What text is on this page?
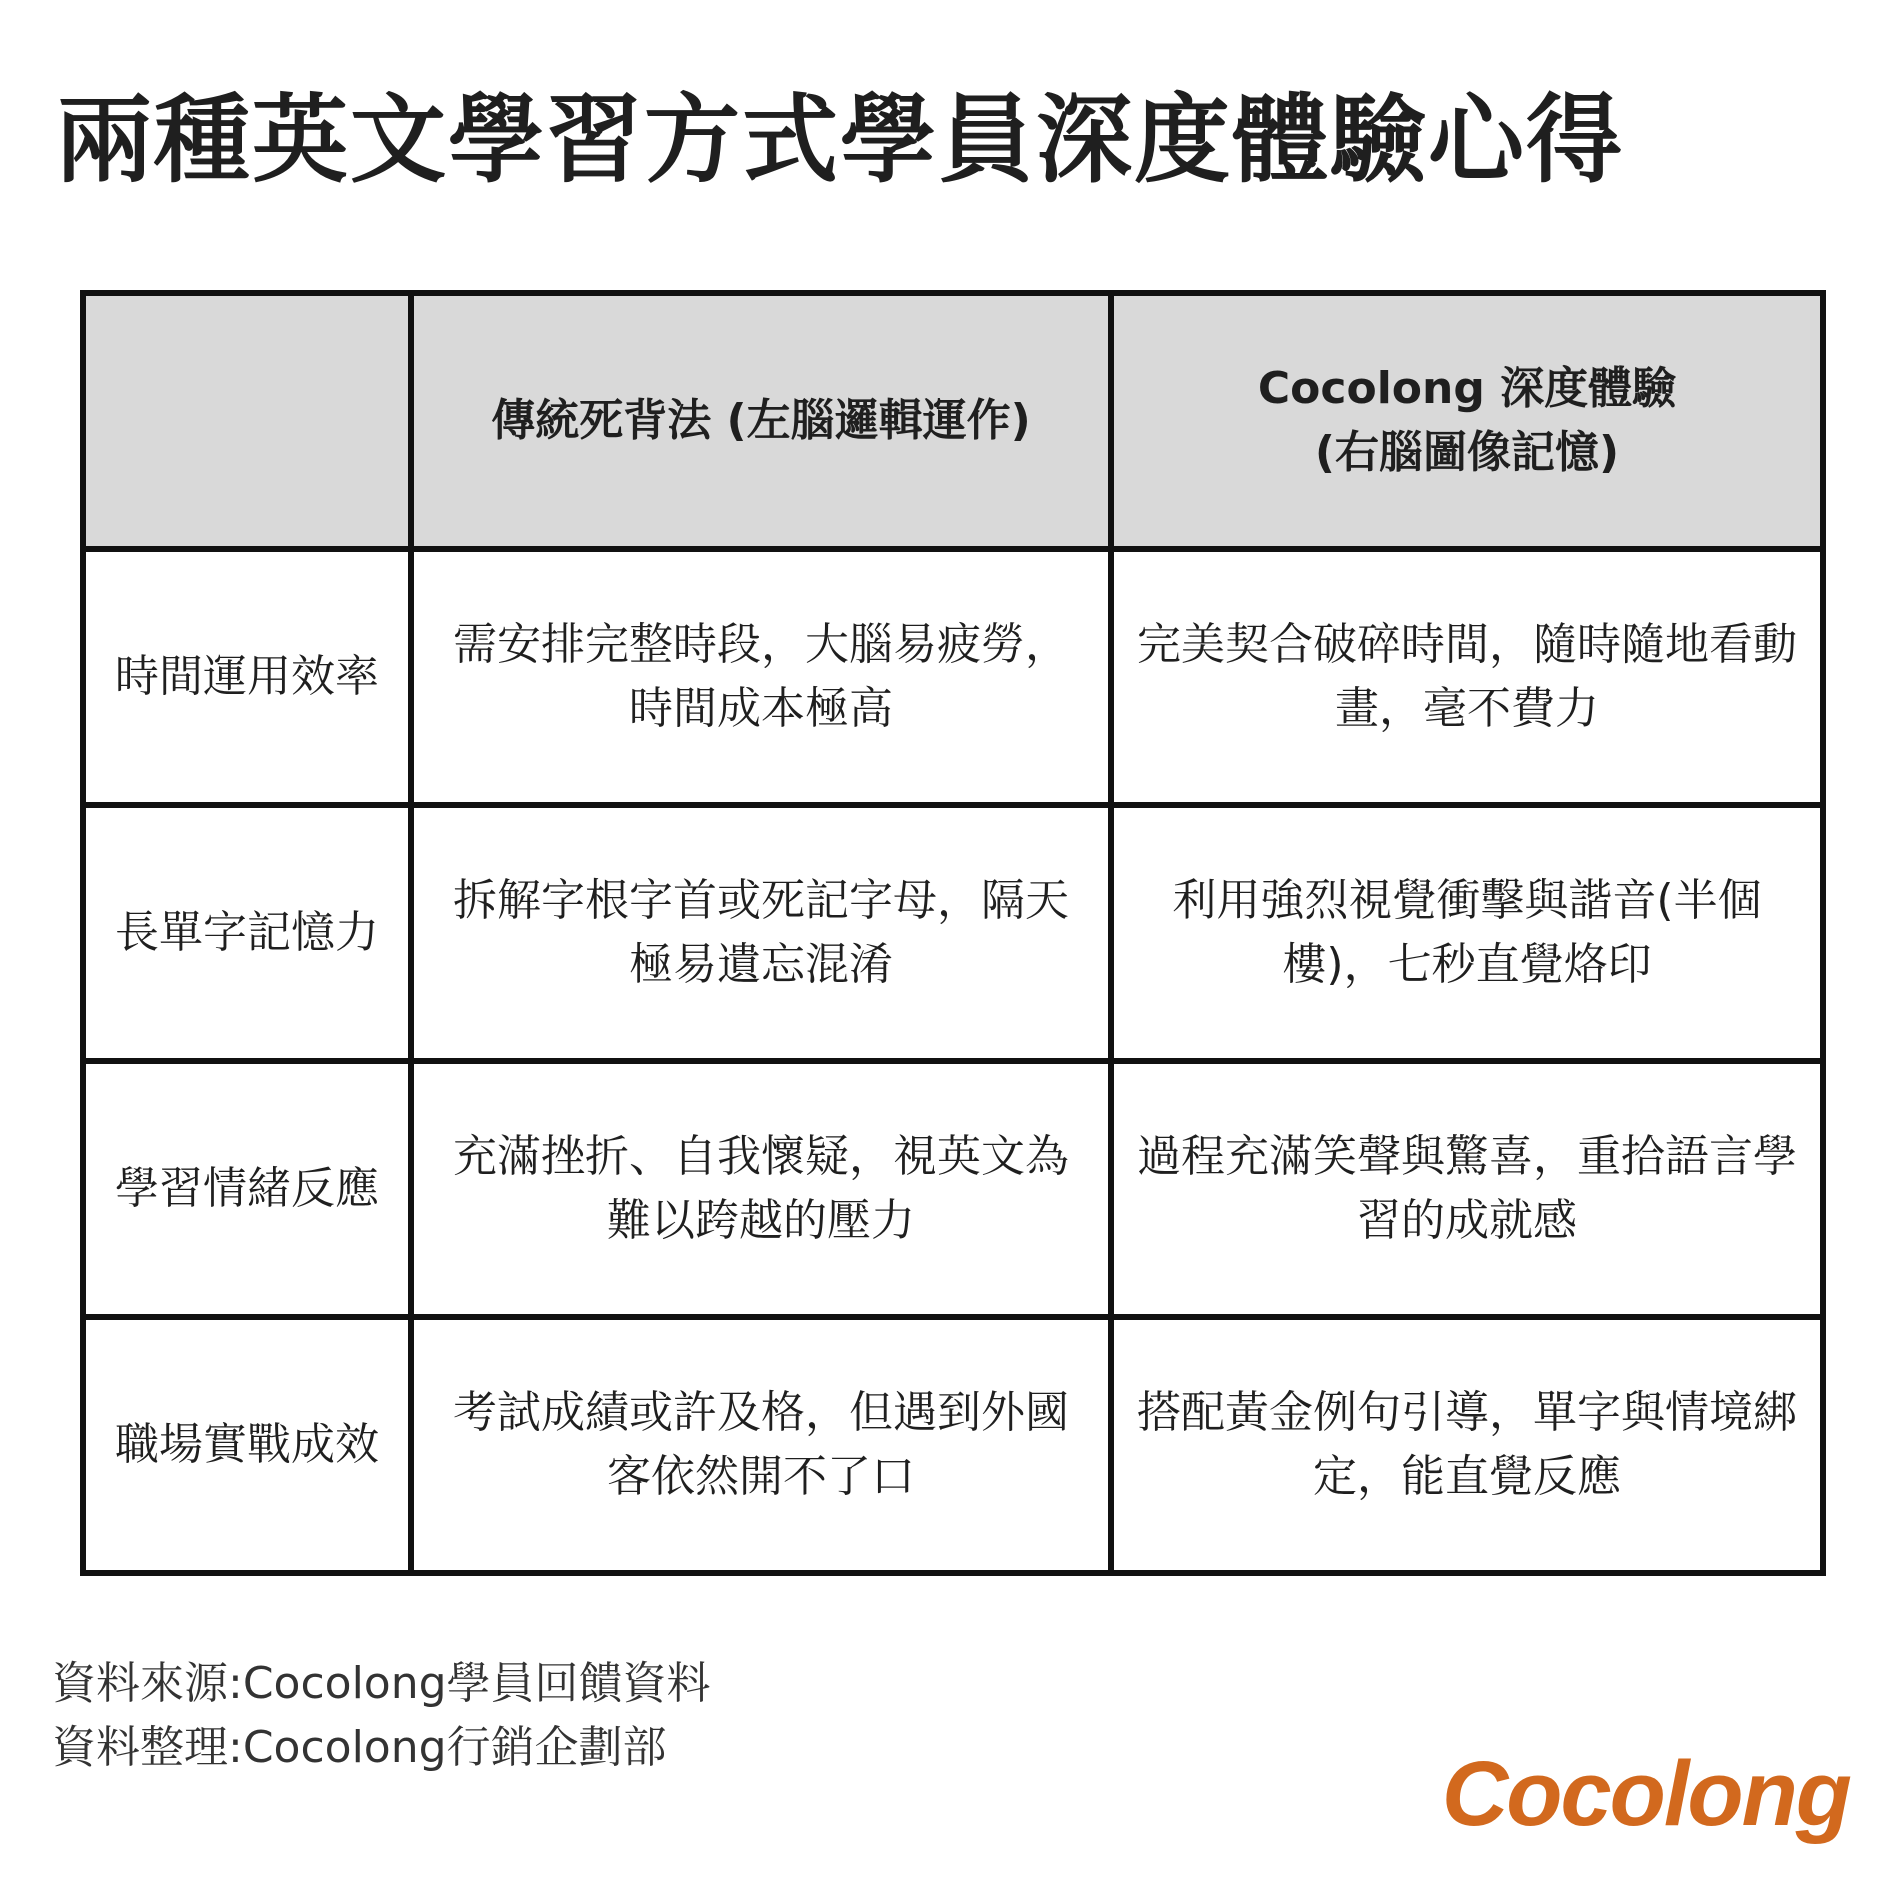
兩種英文學習方式學員深度體驗心得
	傳統死背法 (左腦邏輯運作)	Cocolong 深度體驗
(右腦圖像記憶)
時間運用效率	需安排完整時段，大腦易疲勞，時間成本極高	完美契合破碎時間，隨時隨地看動畫，毫不費力
長單字記憶力	拆解字根字首或死記字母，隔天極易遺忘混淆	利用強烈視覺衝擊與諧音(半個樓)，七秒直覺烙印
學習情緒反應	充滿挫折、自我懷疑，視英文為難以跨越的壓力	過程充滿笑聲與驚喜，重拾語言學習的成就感
職場實戰成效	考試成績或許及格，但遇到外國客依然開不了口	搭配黃金例句引導，單字與情境綁定，能直覺反應
資料來源:Cocolong學員回饋資料
資料整理:Cocolong行銷企劃部	Cocolong
